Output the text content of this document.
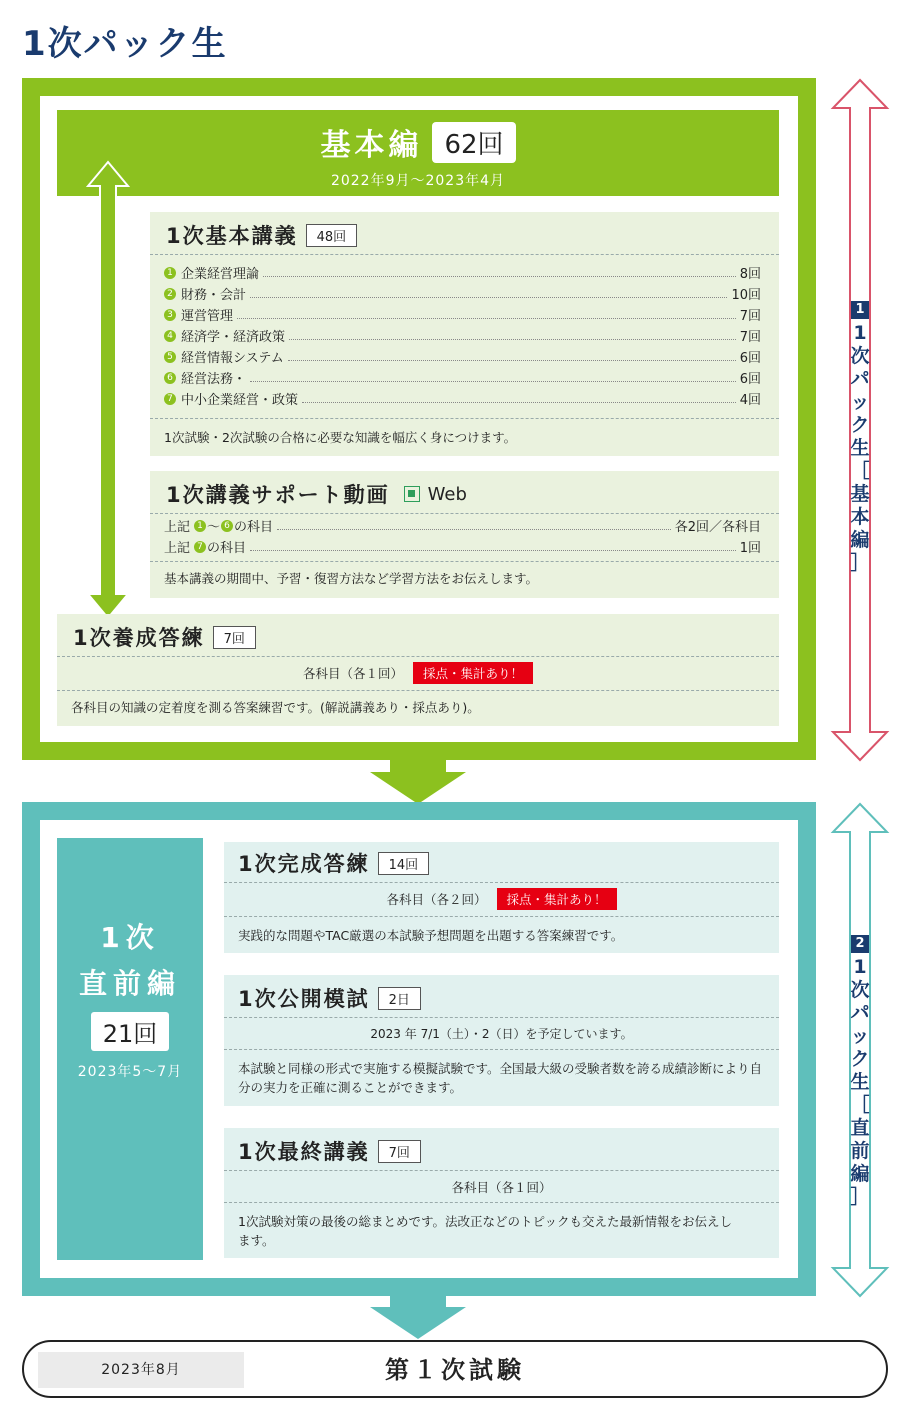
1次パック生
基本編 62回
2022年9月～2023年4月
1次基本講義	48回
1 企業経営理論	8回
2 財務・会計	10回
3 運営管理	7回
4 経済学・経済政策	7回
5 経営情報システム	6回
6 経営法務・	6回
7 中小企業経営・政策	4回
1次試験・2次試験の合格に必要な知識を幅広く身につけます。
1次講義サポート動画 Web
上記 1 ～ 6 の科目	各2回／各科目
上記 7 の科目	1回
基本講義の期間中、予習・復習方法など学習方法をお伝えします。
1次養成答練	7回
各科目（各１回）	採点・集計あり！
各科目の知識の定着度を測る答案練習です。(解説講義あり・採点あり)。
1次
直前編
21回
2023年5～7月
1次完成答練	14回
各科目（各２回）	採点・集計あり！
実践的な問題やTAC厳選の本試験予想問題を出題する答案練習です。
1次公開模試	2日
2023 年 7/1（土）・2（日）を予定しています。
本試験と同様の形式で実施する模擬試験です。全国最大級の受験者数を誇る成績診断により自分の実力を正確に測ることができます。
1次最終講義	7回
各科目（各１回）
1次試験対策の最後の総まとめです。法改正などのトピックも交えた最新情報をお伝えします。
2023年8月	第１次試験
1
1
次
パ
ッ
ク
生
［
基
本
編
］
2
1
次
パ
ッ
ク
生
［
直
前
編
］
